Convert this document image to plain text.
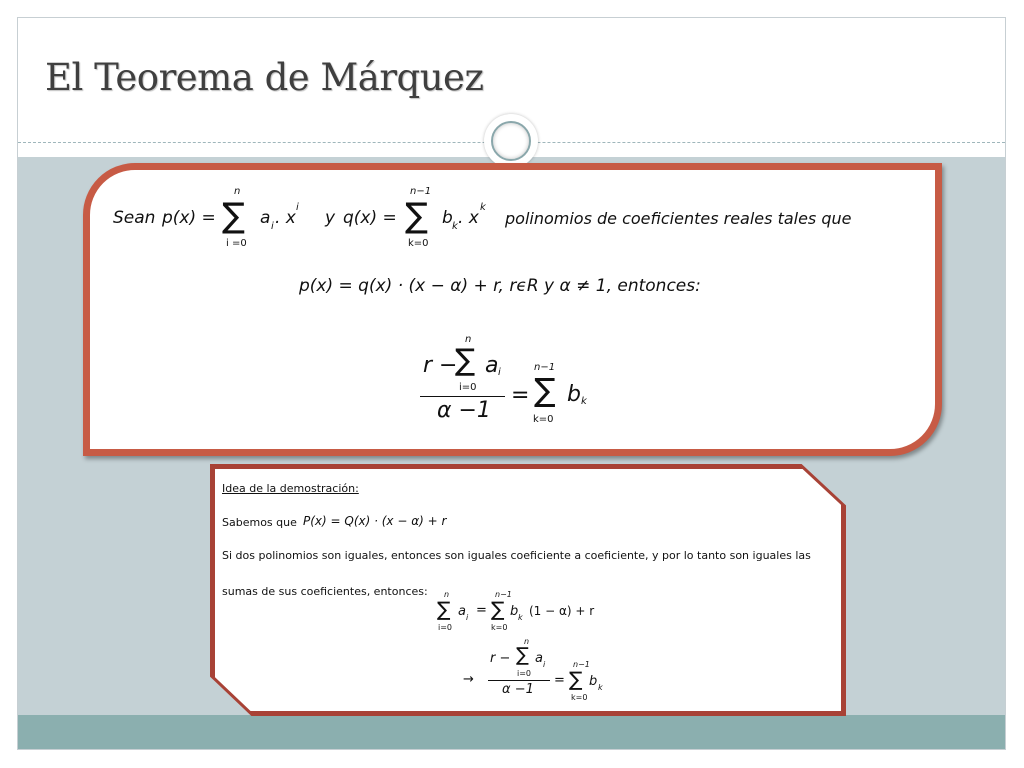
El Teorema de Márquez
Sean p(x) =
n
∑
i =0
a i . x
i
y q(x) =
n−1
∑
k=0
b k . x
k
polinomios de coeficientes reales tales que
p(x) = q(x) · (x − α) + r, rϵR y α ≠ 1, entonces:
r −
n
∑
i=0
a i
α −1
=
n−1
∑
k=0
b k
Idea de la demostración:
Sabemos que P(x) = Q(x) · (x − α) + r
Si dos polinomios son iguales, entonces son iguales coeficiente a coeficiente, y por lo tanto son iguales las
sumas de sus coeficientes, entonces: n
∑
i=0
a i =
n−1
∑
k=0
b k (1 − α) + r
→
r −
n
∑
i=0
a i
α −1
=
n−1
∑
k=0
b k
